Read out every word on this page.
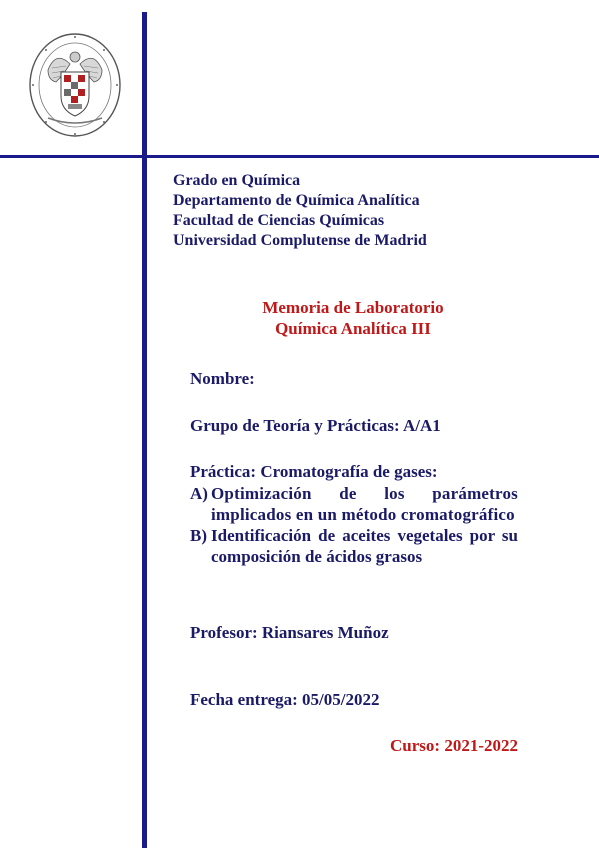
Grado en Química
Departamento de Química Analítica
Facultad de Ciencias Químicas
Universidad Complutense de Madrid
Memoria de Laboratorio
Química Analítica III
Nombre:
Grupo de Teoría y Prácticas: A/A1
Práctica: Cromatografía de gases:
A) Optimización de los parámetros implicados en un método cromatográfico
B) Identificación de aceites vegetales por su composición de ácidos grasos
Profesor: Riansares Muñoz
Fecha entrega: 05/05/2022
Curso: 2021-2022
